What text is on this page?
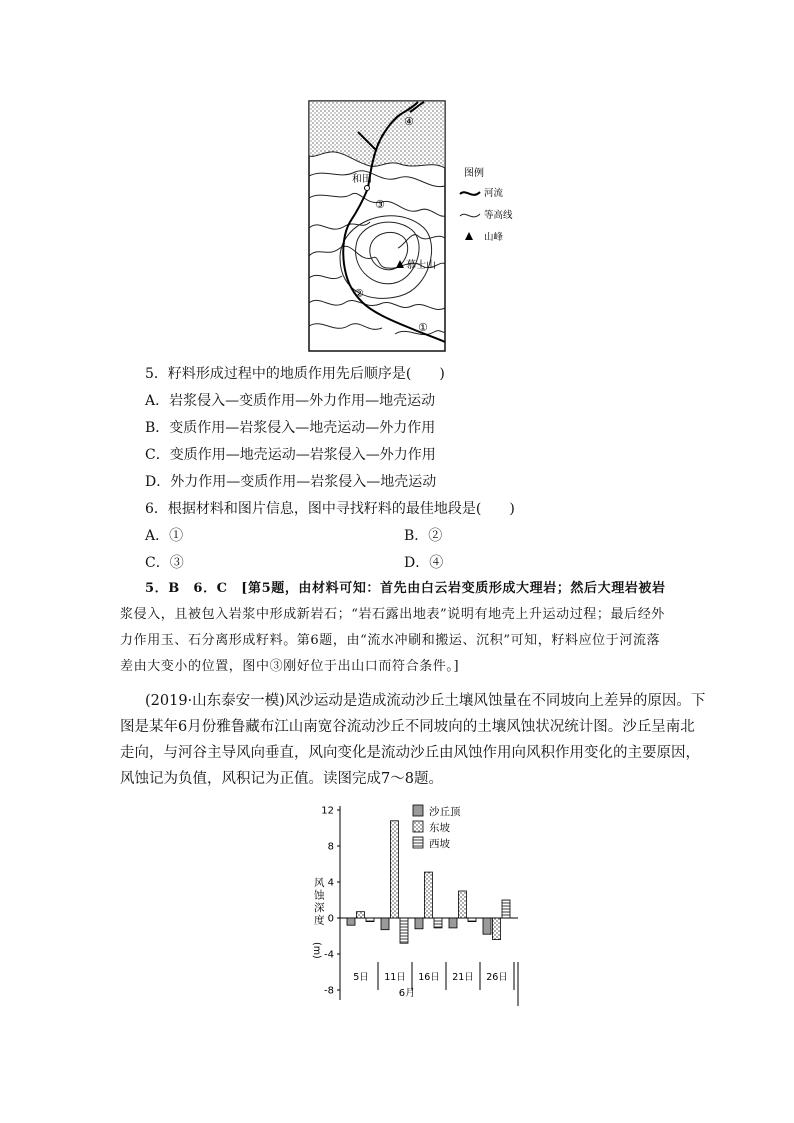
图例
河流
等高线
山峰
和田
慕士山
④
③
②
①
5．籽料形成过程中的地质作用先后顺序是(　　)
A．岩浆侵入—变质作用—外力作用—地壳运动
B．变质作用—岩浆侵入—地壳运动—外力作用
C．变质作用—地壳运动—岩浆侵入—外力作用
D．外力作用—变质作用—岩浆侵入—地壳运动
6．根据材料和图片信息，图中寻找籽料的最佳地段是(　　)
A．①	B．②
C．③	D．④
5．B　6．C　[第5题，由材料可知：首先由白云岩变质形成大理岩；然后大理岩被岩
浆侵入，且被包入岩浆中形成新岩石；“岩石露出地表”说明有地壳上升运动过程；最后经外
力作用玉、石分离形成籽料。第6题，由“流水冲刷和搬运、沉积”可知，籽料应位于河流落
差由大变小的位置，图中③刚好位于出山口而符合条件。]
(2019·山东泰安一模)风沙运动是造成流动沙丘土壤风蚀量在不同坡向上差异的原因。下
图是某年6月份雅鲁藏布江山南宽谷流动沙丘不同坡向的土壤风蚀状况统计图。沙丘呈南北
走向，与河谷主导风向垂直，风向变化是流动沙丘由风蚀作用向风积作用变化的主要原因，
风蚀记为负值，风积记为正值。读图完成7～8题。
12
8
4
0
-4
-8
(m)
5日 11日 16日 21日 26日
6月
沙丘顶
东坡
西坡
风蚀深度
